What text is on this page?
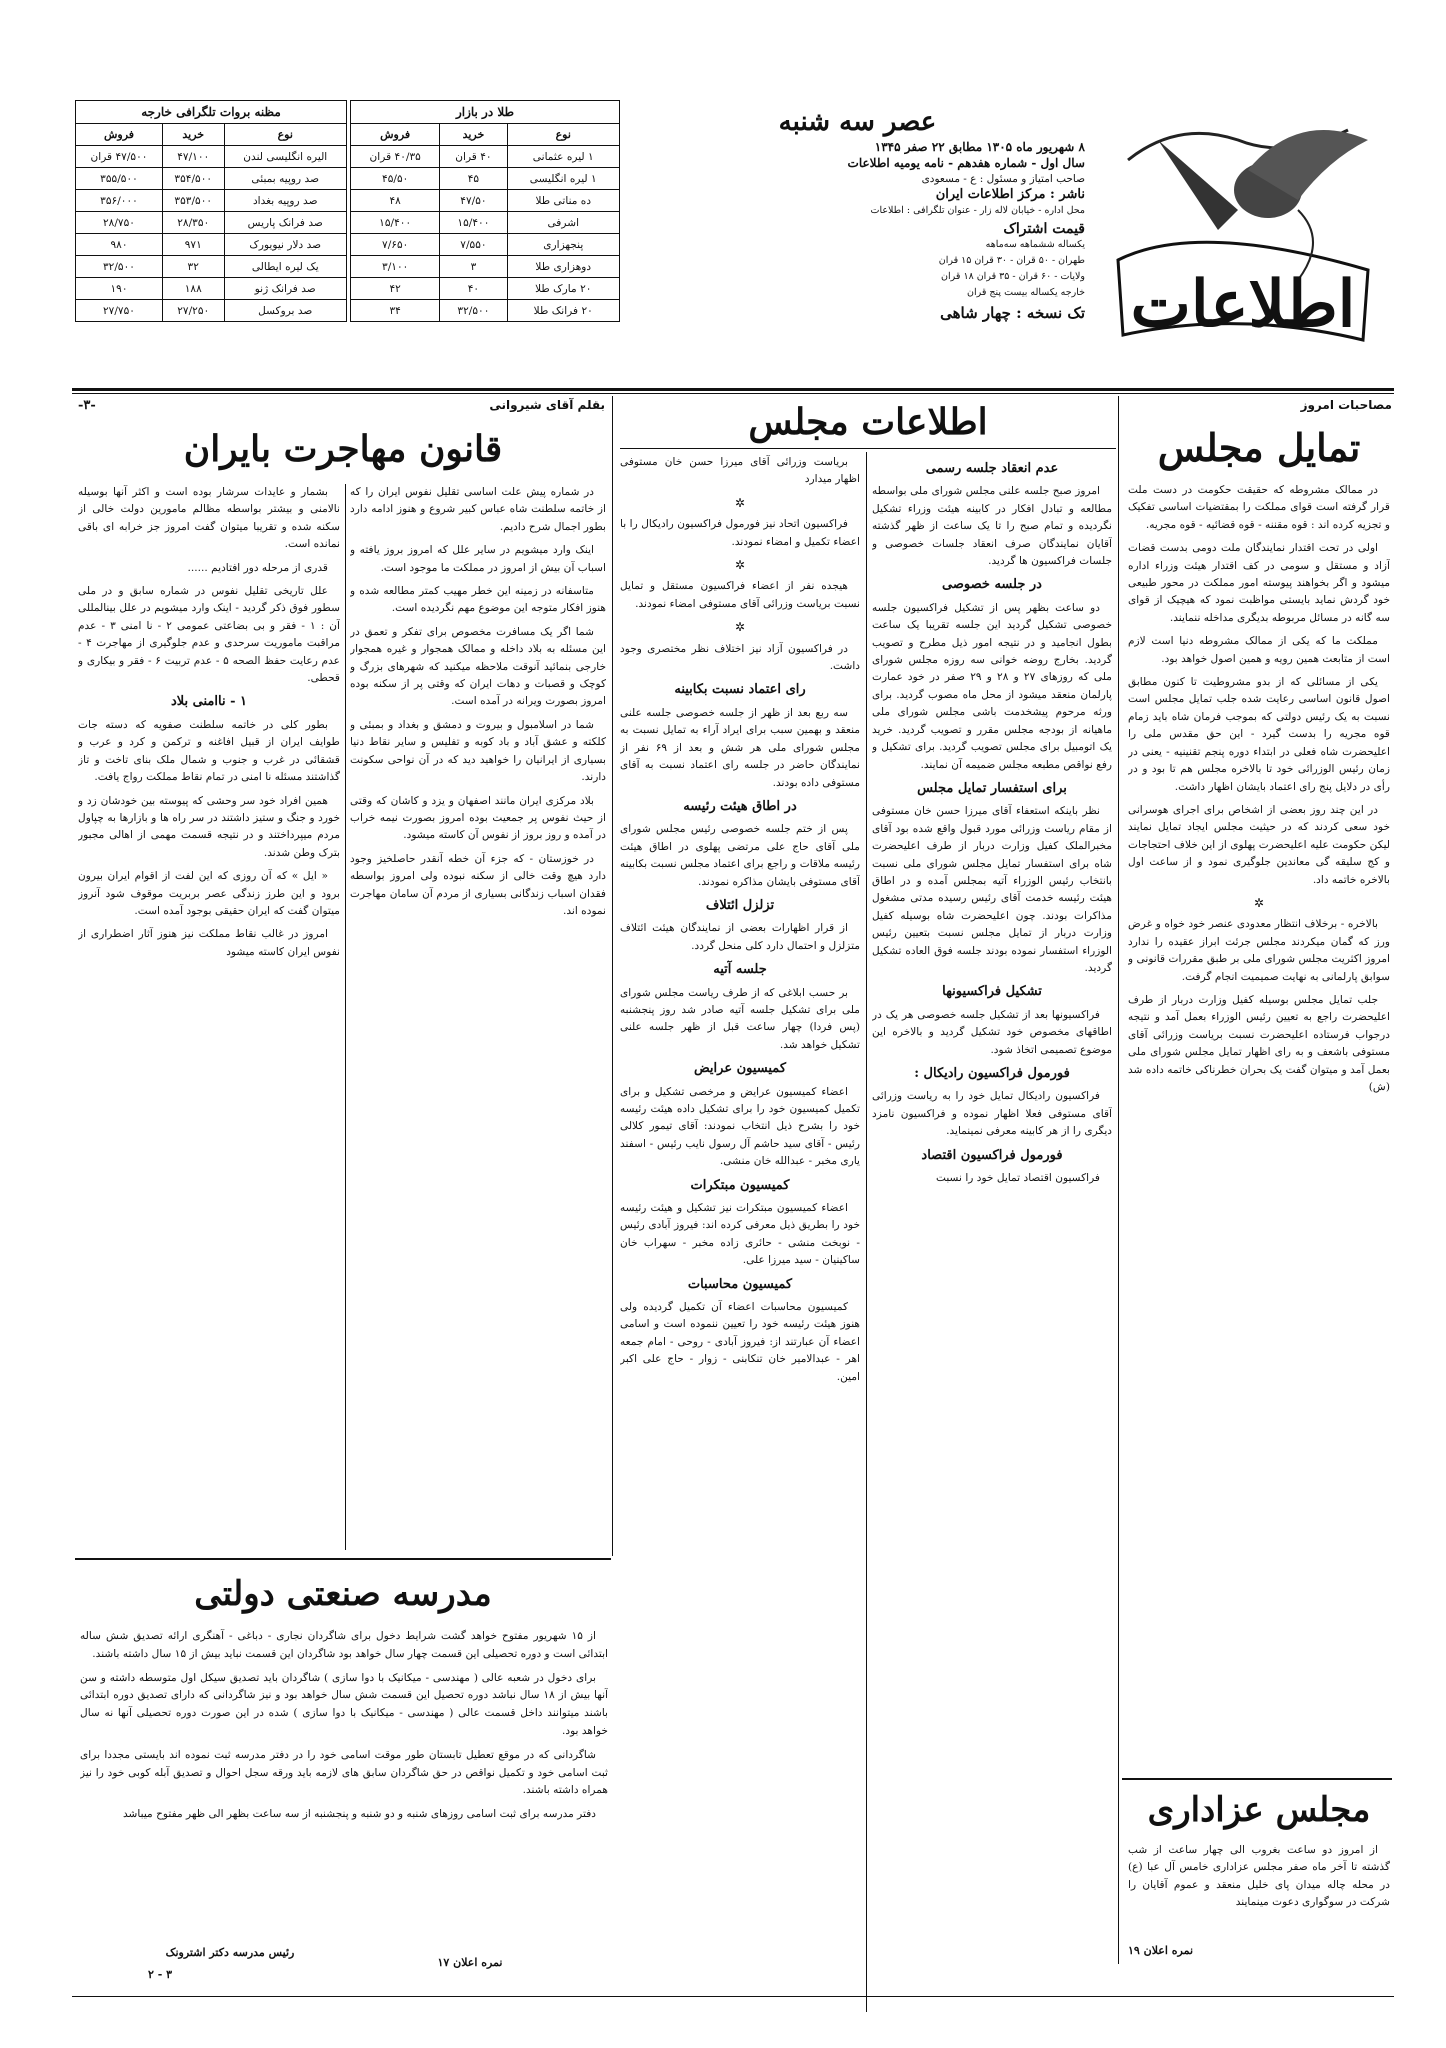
اطلاعات
عصر سه شنبه
۸ شهریور ماه ۱۳۰۵ مطابق ۲۲ صفر ۱۳۴۵
سال اول - شماره هفدهم - نامه یومیه اطلاعات
صاحب امتیاز و مسئول : ع - مسعودی
ناشر : مرکز اطلاعات ایران
محل اداره - خیابان لاله زار - عنوان تلگرافی : اطلاعات
قیمت اشتراک
یکساله ششماهه سه‌ماهه
طهران - ۵۰ قران - ۳۰ قران ۱۵ قران
ولایات - ۶۰ قران - ۳۵ قران ۱۸ قران
خارجه یکساله بیست پنج قران
تک نسخه : چهار شاهی
طلا در بازار
نوع	خرید	فروش
۱ لیره عثمانی	۴۰ قران	۴۰/۳۵ قران
۱ لیره انگلیسی	۴۵	۴۵/۵۰
ده مناتی طلا	۴۷/۵۰	۴۸
اشرفی	۱۵/۴۰۰	۱۵/۴۰۰
پنجهزاری	۷/۵۵۰	۷/۶۵۰
دوهزاری طلا	۳	۳/۱۰۰
۲۰ مارک طلا	۴۰	۴۲
۲۰ فرانک طلا	۳۲/۵۰۰	۳۴
مظنه بروات تلگرافی خارجه
نوع	خرید	فروش
الیره انگلیسی لندن	۴۷/۱۰۰	۴۷/۵۰۰ قران
صد روپیه بمبئی	۳۵۴/۵۰۰	۳۵۵/۵۰۰
صد روپیه بغداد	۳۵۳/۵۰۰	۳۵۶/۰۰۰
صد فرانک پاریس	۲۸/۳۵۰	۲۸/۷۵۰
صد دلار نیویورک	۹۷۱	۹۸۰
یک لیره ایطالی	۳۲	۳۲/۵۰۰
صد فرانک ژنو	۱۸۸	۱۹۰
صد بروکسل	۲۷/۲۵۰	۲۷/۷۵۰
مصاحبات امروز
تمایل مجلس

در ممالک مشروطه که حقیقت حکومت در دست ملت قرار گرفته است قوای مملکت را بمقتضیات اساسی تفکیک و تجزیه کرده اند : قوه مقننه - قوه قضائیه - قوه مجریه.

اولی در تحت اقتدار نمایندگان ملت دومی بدست قضات آزاد و مستقل و سومی در کف اقتدار هیئت وزراء اداره میشود و اگر بخواهند پیوسته امور مملکت در محور طبیعی خود گردش نماید بایستی مواظبت نمود که هیچیک از قوای سه گانه در مسائل مربوطه بدیگری مداخله ننمایند.

مملکت ما که یکی از ممالک مشروطه دنیا است لازم است از متابعت همین رویه و همین اصول خواهد بود.

یکی از مسائلی که از بدو مشروطیت تا کنون مطابق اصول قانون اساسی رعایت شده جلب تمایل مجلس است نسبت به یک رئیس دولتی که بموجب فرمان شاه باید زمام قوه مجریه را بدست گیرد - این حق مقدس ملی را اعلیحضرت شاه فعلی در ابتداء دوره پنجم تقنینیه - یعنی در زمان رئیس الوزرائی خود تا بالاخره مجلس هم تا بود و در رأی در دلایل پنج رای اعتماد بایشان اظهار داشت.

در این چند روز بعضی از اشخاص برای اجرای هوسرانی خود سعی کردند که در حیثیت مجلس ایجاد تمایل نمایند لیکن حکومت علیه اعلیحضرت پهلوی از این خلاف احتجاجات و کج سلیقه گی معاندین جلوگیری نمود و از ساعت اول بالاخره خاتمه داد.

✲

بالاخره - برخلاف انتظار معدودی عنصر خود خواه و غرض ورز که گمان میکردند مجلس جرئت ابراز عقیده را ندارد امروز اکثریت مجلس شورای ملی بر طبق مقررات قانونی و سوابق پارلمانی به نهایت صمیمیت انجام گرفت.

جلب تمایل مجلس بوسیله کفیل وزارت دربار از طرف اعلیحضرت راجع به تعیین رئیس الوزراء بعمل آمد و نتیجه درجواب فرستاده اعلیحضرت نسبت بریاست وزرائی آقای مستوفی باشعف و به رای اظهار تمایل مجلس شورای ملی بعمل آمد و میتوان گفت یک بحران خطرناکی خاتمه داده شد (ش)

مجلس عزاداری

از امروز دو ساعت بغروب الی چهار ساعت از شب گذشته تا آخر ماه صفر مجلس عزاداری خامس آل عبا (ع) در محله چاله میدان پای خلیل منعقد و عموم آقایان را شرکت در سوگواری دعوت مینمایند

نمره اعلان ۱۹
اطلاعات مجلس
عدم انعقاد جلسه رسمی

امروز صبح جلسه علنی مجلس شورای ملی بواسطه مطالعه و تبادل افکار در کابینه هیئت وزراء تشکیل نگردیده و تمام صبح را تا یک ساعت از ظهر گذشته آقایان نمایندگان صرف انعقاد جلسات خصوصی و جلسات فراکسیون ها گردید.

در جلسه خصوصی

دو ساعت بظهر پس از تشکیل فراکسیون جلسه خصوصی تشکیل گردید این جلسه تقریبا یک ساعت بطول انجامید و در نتیجه امور ذیل مطرح و تصویب گردید. بخارج روضه خوانی سه روزه مجلس شورای ملی که روزهای ۲۷ و ۲۸ و ۲۹ صفر در خود عمارت پارلمان منعقد میشود از محل ماه مصوب گردید. برای ورثه مرحوم پیشخدمت باشی مجلس شورای ملی ماهیانه از بودجه مجلس مقرر و تصویب گردید. خرید یک اتومبیل برای مجلس تصویب گردید. برای تشکیل و رفع نواقص مطبعه مجلس ضمیمه آن نمایند.

برای استفسار تمایل مجلس

نظر باینکه استعفاء آقای میرزا حسن خان مستوفی از مقام ریاست وزرائی مورد قبول واقع شده بود آقای مخبرالملک کفیل وزارت دربار از طرف اعلیحضرت شاه برای استفسار تمایل مجلس شورای ملی نسبت بانتخاب رئیس الوزراء آتیه بمجلس آمده و در اطاق هیئت رئیسه خدمت آقای رئیس رسیده مدتی مشغول مذاکرات بودند. چون اعلیحضرت شاه بوسیله کفیل وزارت دربار از تمایل مجلس نسبت بتعیین رئیس الوزراء استفسار نموده بودند جلسه فوق العاده تشکیل گردید.

تشکیل فراکسیونها

فراکسیونها بعد از تشکیل جلسه خصوصی هر یک در اطاقهای مخصوص خود تشکیل گردید و بالاخره این موضوع تصمیمی اتخاذ شود.

فورمول فراکسیون رادیکال :

فراکسیون رادیکال تمایل خود را به ریاست وزرائی آقای مستوفی فعلا اظهار نموده و فراکسیون نامزد دیگری را از هر کابینه معرفی نمینماید.

فورمول فراکسیون اقتصاد

فراکسیون اقتصاد تمایل خود را نسبت

بریاست وزرائی آقای میرزا حسن خان مستوفی اظهار میدارد

✲

فراکسیون اتحاد نیز فورمول فراکسیون رادیکال را با اعضاء تکمیل و امضاء نمودند.

✲

هیجده نفر از اعضاء فراکسیون مستقل و تمایل نسبت بریاست وزرائی آقای مستوفی امضاء نمودند.

✲

در فراکسیون آزاد نیز اختلاف نظر مختصری وجود داشت.

رای اعتماد نسبت بکابینه

سه ربع بعد از ظهر از جلسه خصوصی جلسه علنی منعقد و بهمین سبب برای ایراد آراء به تمایل نسبت به مجلس شورای ملی هر شش و بعد از ۶۹ نفر از نمایندگان حاضر در جلسه رای اعتماد نسبت به آقای مستوفی داده بودند.

در اطاق هیئت رئیسه

پس از ختم جلسه خصوصی رئیس مجلس شورای ملی آقای حاج علی مرتضی پهلوی در اطاق هیئت رئیسه ملاقات و راجع برای اعتماد مجلس نسبت بکابینه آقای مستوفی بایشان مذاکره نمودند.

تزلزل ائتلاف

از قرار اظهارات بعضی از نمایندگان هیئت ائتلاف متزلزل و احتمال دارد کلی منحل گردد.

جلسه آتیه

بر حسب ابلاغی که از طرف ریاست مجلس شورای ملی برای تشکیل جلسه آتیه صادر شد روز پنجشنبه (پس فردا) چهار ساعت قبل از ظهر جلسه علنی تشکیل خواهد شد.

کمیسیون عرایض

اعضاء کمیسیون عرایض و مرخصی تشکیل و برای تکمیل کمیسیون خود را برای تشکیل داده هیئت رئیسه خود را بشرح ذیل انتخاب نمودند: آقای تیمور کلالی رئیس - آقای سید حاشم آل رسول نایب رئیس - اسفند یاری مخبر - عبدالله خان منشی.

کمیسیون مبتکرات

اعضاء کمیسیون مبتکرات نیز تشکیل و هیئت رئیسه خود را بطریق ذیل معرفی کرده اند: فیروز آبادی رئیس - نوبخت منشی - حائری زاده مخبر - سهراب خان ساکینیان - سید میرزا علی.

کمیسیون محاسبات

کمیسیون محاسبات اعضاء آن تکمیل گردیده ولی هنوز هیئت رئیسه خود را تعیین ننموده است و اسامی اعضاء آن عبارتند از: فیروز آبادی - روحی - امام جمعه اهر - عبدالامیر خان تنکابنی - زوار - حاج علی اکبر امین.

-۳-	بقلم آقای شیروانی
قانون مهاجرت بایران

در شماره پیش علت اساسی تقلیل نفوس ایران را که از خاتمه سلطنت شاه عباس کبیر شروع و هنوز ادامه دارد بطور اجمال شرح دادیم.

اینک وارد میشویم در سایر علل که امروز بروز یافته و اسباب آن بیش از امروز در مملکت ما موجود است.

متاسفانه در زمینه این خطر مهیب کمتر مطالعه شده و هنوز افکار متوجه این موضوع مهم نگردیده است.

شما اگر یک مسافرت مخصوص برای تفکر و تعمق در این مسئله به بلاد داخله و ممالک همجوار و غیره همجوار خارجی بنمائید آنوقت ملاحظه میکنید که شهرهای بزرگ و کوچک و قصبات و دهات ایران که وقتی پر از سکنه بوده امروز بصورت ویرانه در آمده است.

شما در اسلامبول و بیروت و دمشق و بغداد و بمبئی و کلکته و عشق آباد و باد کوبه و تفلیس و سایر نقاط دنیا بسیاری از ایرانیان را خواهید دید که در آن نواحی سکونت دارند.

بلاد مرکزی ایران مانند اصفهان و یزد و کاشان که وقتی از حیث نفوس پر جمعیت بوده امروز بصورت نیمه خراب در آمده و روز بروز از نفوس آن کاسته میشود.

در خوزستان - که جزء آن خطه آنقدر حاصلخیز وجود دارد هیچ وقت خالی از سکنه نبوده ولی امروز بواسطه فقدان اسباب زندگانی بسیاری از مردم آن سامان مهاجرت نموده اند.

بشمار و عایدات سرشار بوده است و اکثر آنها بوسیله نالامنی و بیشتر بواسطه مظالم مامورین دولت خالی از سکنه شده و تقریبا میتوان گفت امروز جز خرابه ای باقی نمانده است.

قدری از مرحله دور افتادیم ......

علل تاریخی تقلیل نفوس در شماره سابق و در ملی سطور فوق ذکر گردید - اینک وارد میشویم در علل بینالمللی آن : ۱ - فقر و بی بضاعتی عمومی ۲ - نا امنی ۳ - عدم مراقبت ماموریت سرحدی و عدم جلوگیری از مهاجرت ۴ - عدم رعایت حفظ الصحه ۵ - عدم تربیت ۶ - فقر و بیکاری و قحطی.

۱ - ناامنی بلاد

بطور کلی در خاتمه سلطنت صفویه که دسته جات طوایف ایران از قبیل افاغنه و ترکمن و کرد و عرب و قشقائی در غرب و جنوب و شمال ملک بنای تاخت و تاز گذاشتند مسئله نا امنی در تمام نقاط مملکت رواج یافت.

همین افراد خود سر وحشی که پیوسته بین خودشان زد و خورد و جنگ و ستیز داشتند در سر راه ها و بازارها به چپاول مردم میپرداختند و در نتیجه قسمت مهمی از اهالی مجبور بترک وطن شدند.

« ایل » که آن روزی که این لفت از اقوام ایران بیرون برود و این طرز زندگی عصر بربریت موقوف شود آنروز میتوان گفت که ایران حقیقی بوجود آمده است.

امروز در غالب نقاط مملکت نیز هنوز آثار اضطراری از نفوس ایران کاسته میشود

مدرسه صنعتی دولتی

از ۱۵ شهریور مفتوح خواهد گشت شرایط دخول برای شاگردان نجاری - دباغی - آهنگری ارائه تصدیق شش ساله ابتدائی است و دوره تحصیلی این قسمت چهار سال خواهد بود شاگردان این قسمت نباید بیش از ۱۵ سال داشته باشند.

برای دخول در شعبه عالی ( مهندسی - میکانیک با دوا سازی ) شاگردان باید تصدیق سیکل اول متوسطه داشته و سن آنها بیش از ۱۸ سال نباشد دوره تحصیل این قسمت شش سال خواهد بود و نیز شاگردانی که دارای تصدیق دوره ابتدائی باشند میتوانند داخل قسمت عالی ( مهندسی - میکانیک با دوا سازی ) شده در این صورت دوره تحصیلی آنها نه سال خواهد بود.

شاگردانی که در موقع تعطیل تابستان طور موقت اسامی خود را در دفتر مدرسه ثبت نموده اند بایستی مجددا برای ثبت اسامی خود و تکمیل نواقص در حق شاگردان سابق های لازمه باید ورقه سجل احوال و تصدیق آبله کوبی خود را نیز همراه داشته باشند.

دفتر مدرسه برای ثبت اسامی روزهای شنبه و دو شنبه و پنجشنبه از سه ساعت بظهر الی ظهر مفتوح میباشد

رئیس مدرسه دکتر اشترونک
نمره اعلان ۱۷
۳ - ۲
